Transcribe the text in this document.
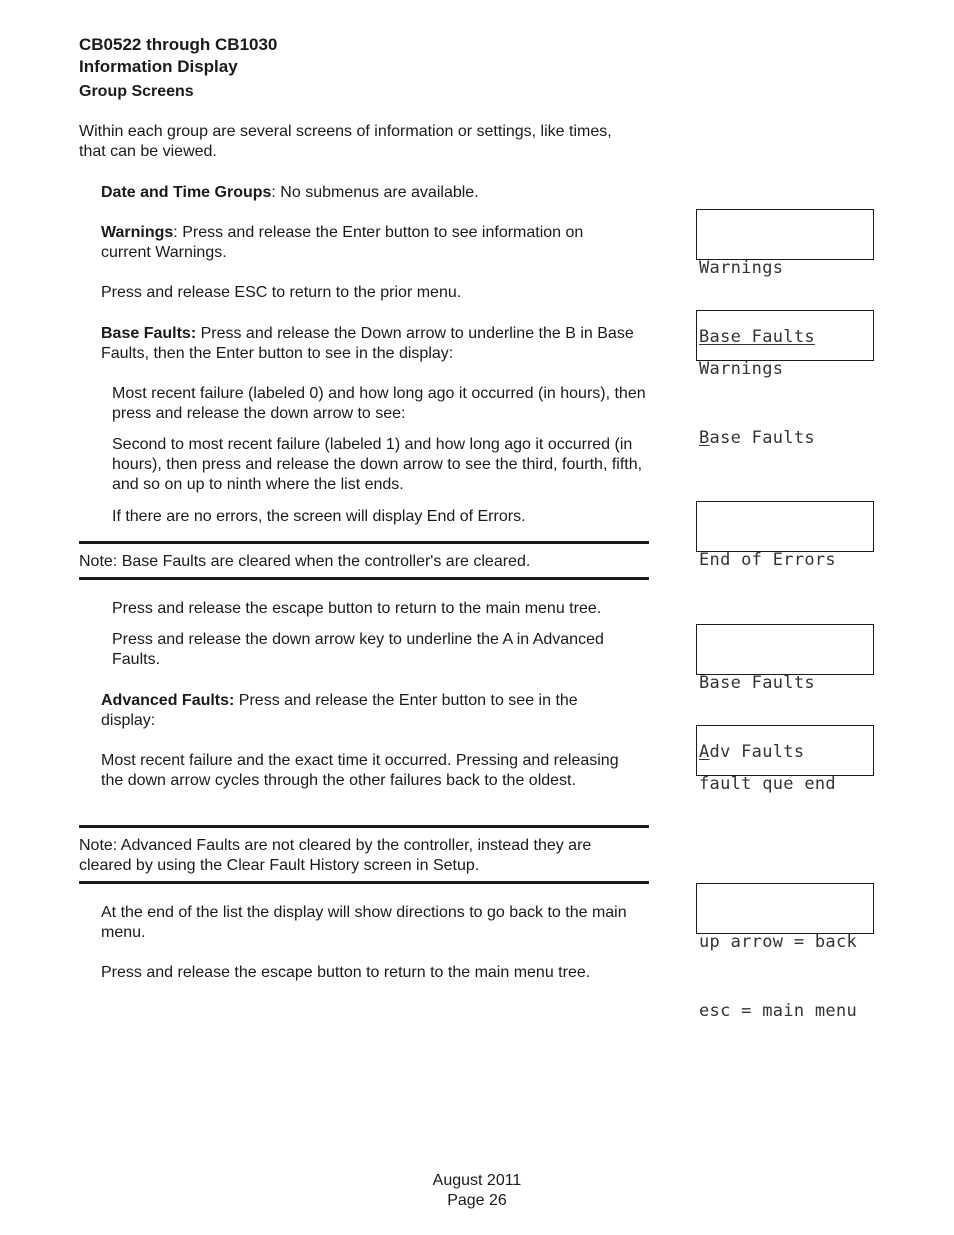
CB0522 through CB1030
Information Display
Group Screens
Within each group are several screens of information or settings, like times, that can be viewed.
Date and Time Groups: No submenus are available.
Warnings: Press and release the Enter button to see information on current Warnings.
Press and release ESC to return to the prior menu.
Base Faults: Press and release the Down arrow to underline the B in Base Faults, then the Enter button to see in the display:
Most recent failure (labeled 0) and how long ago it occurred (in hours), then press and release the down arrow to see:
Second to most recent failure (labeled 1) and how long ago it occurred (in hours), then press and release the down arrow to see the third, fourth, fifth, and so on up to ninth where the list ends.
If there are no errors, the screen will display End of Errors.
Note: Base Faults are cleared when the controller's are cleared.
Press and release the escape button to return to the main menu tree.
Press and release the down arrow key to underline the A in Advanced Faults.
Advanced Faults: Press and release the Enter button to see in the display:
Most recent failure and the exact time it occurred. Pressing and releasing the down arrow cycles through the other failures back to the oldest.
Note: Advanced Faults are not cleared by the controller, instead they are cleared by using the Clear Fault History screen in Setup.
At the end of the list the display will show directions to go back to the main menu.
Press and release the escape button to return to the main menu tree.

Warnings

Base Faults

Warnings

Base Faults

End of Errors

Base Faults

Adv Faults

fault que end

up arrow = back

esc = main menu

August 2011
Page 26
